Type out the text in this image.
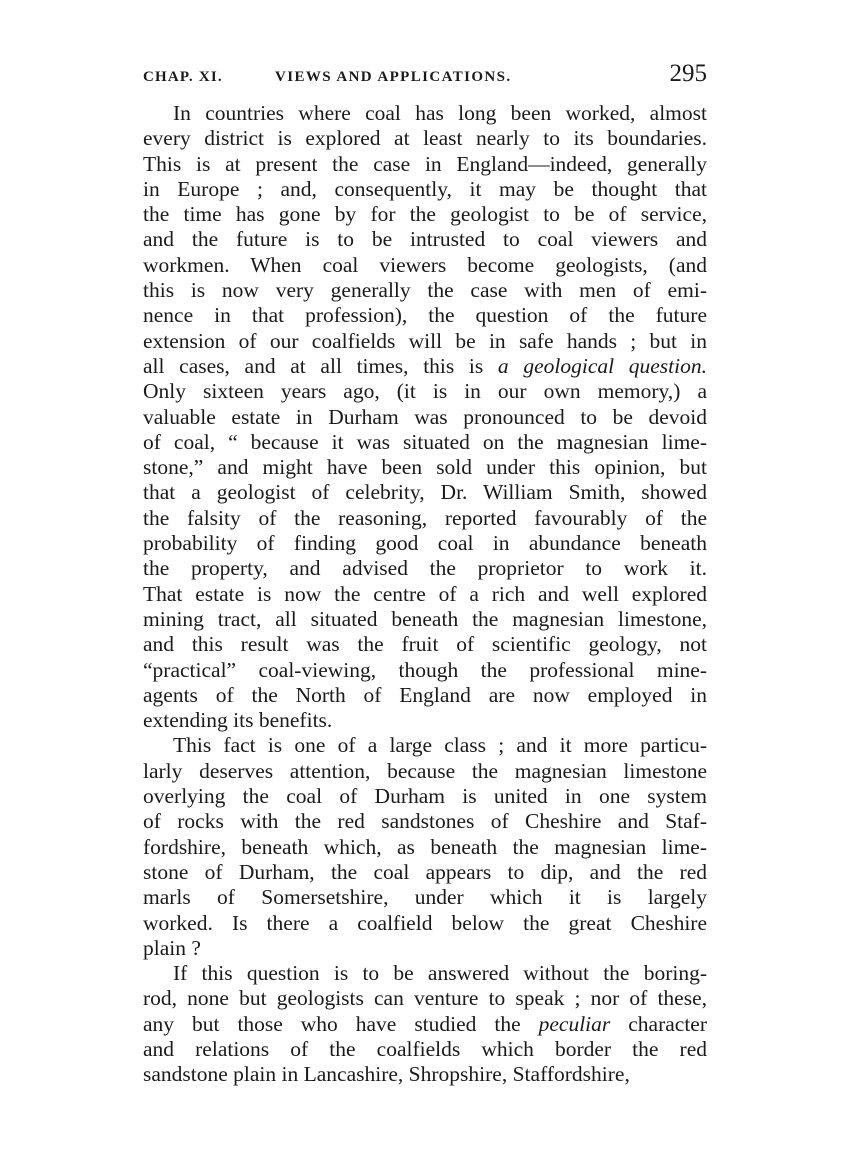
CHAP. XI.	VIEWS AND APPLICATIONS.	295
In countries where coal has long been worked, almost
every district is explored at least nearly to its boundaries.
This is at present the case in England—indeed, generally
in Europe ; and, consequently, it may be thought that
the time has gone by for the geologist to be of service,
and the future is to be intrusted to coal viewers and
workmen. When coal viewers become geologists, (and
this is now very generally the case with men of emi-
nence in that profession), the question of the future
extension of our coalfields will be in safe hands ; but in
all cases, and at all times, this is a geological question.
Only sixteen years ago, (it is in our own memory,) a
valuable estate in Durham was pronounced to be devoid
of coal, “ because it was situated on the magnesian lime-
stone,” and might have been sold under this opinion, but
that a geologist of celebrity, Dr. William Smith, showed
the falsity of the reasoning, reported favourably of the
probability of finding good coal in abundance beneath
the property, and advised the proprietor to work it.
That estate is now the centre of a rich and well explored
mining tract, all situated beneath the magnesian limestone,
and this result was the fruit of scientific geology, not
“practical” coal-viewing, though the professional mine-
agents of the North of England are now employed in
extending its benefits.
This fact is one of a large class ; and it more particu-
larly deserves attention, because the magnesian limestone
overlying the coal of Durham is united in one system
of rocks with the red sandstones of Cheshire and Staf-
fordshire, beneath which, as beneath the magnesian lime-
stone of Durham, the coal appears to dip, and the red
marls of Somersetshire, under which it is largely
worked. Is there a coalfield below the great Cheshire
plain ?
If this question is to be answered without the boring-
rod, none but geologists can venture to speak ; nor of these,
any but those who have studied the peculiar character
and relations of the coalfields which border the red
sandstone plain in Lancashire, Shropshire, Staffordshire,
